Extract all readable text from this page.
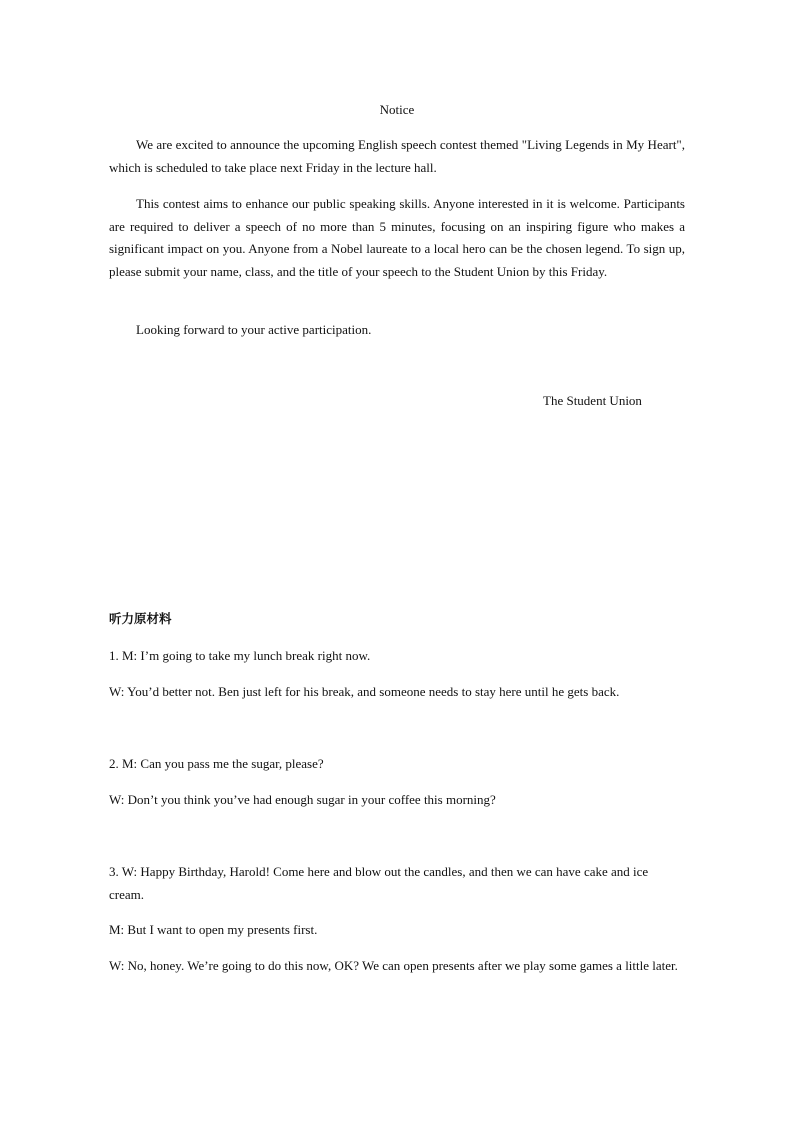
Notice

We are excited to announce the upcoming English speech contest themed "Living Legends in My Heart", which is scheduled to take place next Friday in the lecture hall.

This contest aims to enhance our public speaking skills. Anyone interested in it is welcome. Participants are required to deliver a speech of no more than 5 minutes, focusing on an inspiring figure who makes a significant impact on you. Anyone from a Nobel laureate to a local hero can be the chosen legend. To sign up, please submit your name, class, and the title of your speech to the Student Union by this Friday.

Looking forward to your active participation.

The Student Union
听力原材料

1. M: I’m going to take my lunch break right now.

W: You’d better not. Ben just left for his break, and someone needs to stay here until he gets back.

2. M: Can you pass me the sugar, please?

W: Don’t you think you’ve had enough sugar in your coffee this morning?

3. W: Happy Birthday, Harold! Come here and blow out the candles, and then we can have cake and ice cream.

M: But I want to open my presents first.

W: No, honey. We’re going to do this now, OK? We can open presents after we play some games a little later.
